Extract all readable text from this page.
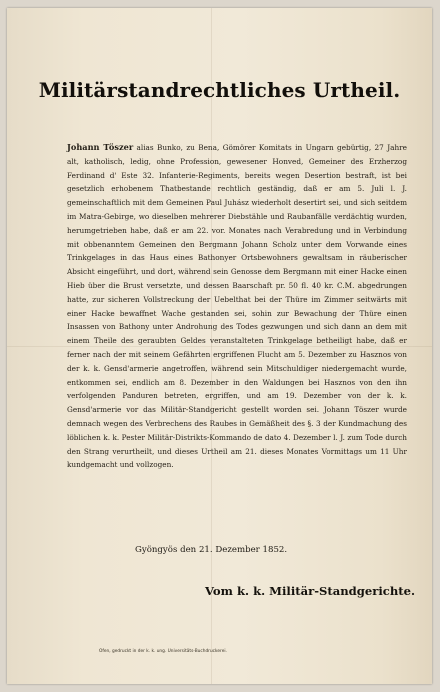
Militärstandrechtliches Urtheil.
Johann Töszer alias Bunko, zu Bena, Gömörer Komitats in Ungarn gebürtig, 27 Jahre alt, katholisch, ledig, ohne Profession, gewesener Honved, Gemeiner des Erzherzog Ferdinand d' Este 32. Infanterie-Regiments, bereits wegen Desertion bestraft, ist bei gesetzlich erhobenem Thatbestande rechtlich geständig, daß er am 5. Juli l. J. gemeinschaftlich mit dem Gemeinen Paul Juhász wiederholt desertirt sei, und sich seitdem im Matra-Gebirge, wo dieselben mehrerer Diebstähle und Raubanfälle verdächtig wurden, herumgetrieben habe, daß er am 22. vor. Monates nach Verabredung und in Verbindung mit obbenanntem Gemeinen den Bergmann Johann Scholz unter dem Vorwande eines Trinkgelages in das Haus eines Bathonyer Ortsbewohners gewaltsam in räuberischer Absicht eingeführt, und dort, während sein Genosse dem Bergmann mit einer Hacke einen Hieb über die Brust versetzte, und dessen Baarschaft pr. 50 fl. 40 kr. C.M. abgedrungen hatte, zur sicheren Vollstreckung der Uebelthat bei der Thüre im Zimmer seitwärts mit einer Hacke bewaffnet Wache gestanden sei, sohin zur Bewachung der Thüre einen Insassen von Bathony unter Androhung des Todes gezwungen und sich dann an dem mit einem Theile des geraubten Geldes veranstalteten Trinkgelage betheiligt habe, daß er ferner nach der mit seinem Gefährten ergriffenen Flucht am 5. Dezember zu Hasznos von der k. k. Gensd'armerie angetroffen, während sein Mitschuldiger niedergemacht wurde, entkommen sei, endlich am 8. Dezember in den Waldungen bei Hasznos von den ihn verfolgenden Panduren betreten, ergriffen, und am 19. Dezember von der k. k. Gensd'armerie vor das Militär-Standgericht gestellt worden sei. Johann Töszer wurde demnach wegen des Verbrechens des Raubes in Gemäßheit des §. 3 der Kundmachung des löblichen k. k. Pester Militär-Distrikts-Kommando de dato 4. Dezember l. J. zum Tode durch den Strang verurtheilt, und dieses Urtheil am 21. dieses Monates Vormittags um 11 Uhr kundgemacht und vollzogen.
Gyöngyös den 21. Dezember 1852.
Vom k. k. Militär-Standgerichte.
Ofen, gedruckt in der k. k. ung. Universitäts-Buchdruckerei.
